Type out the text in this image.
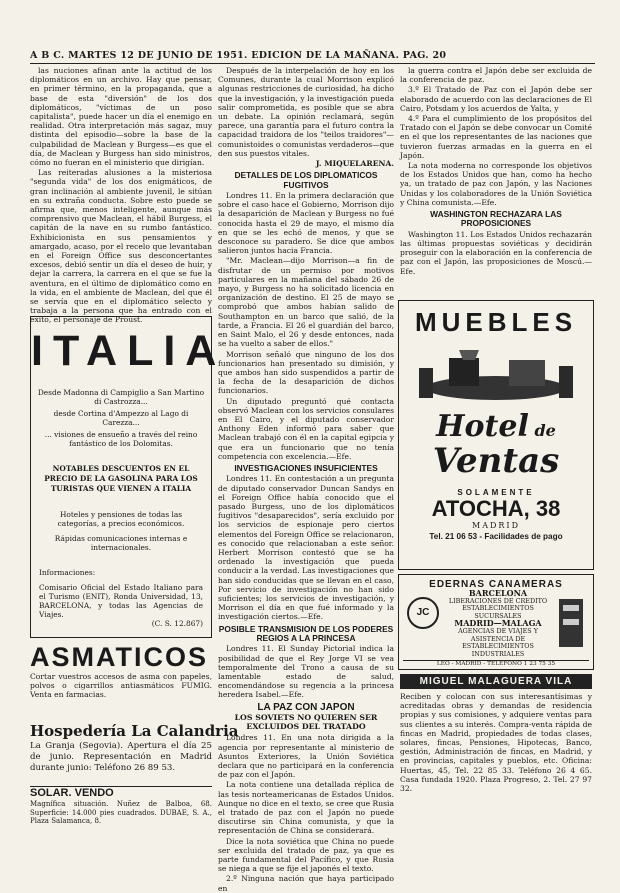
A B C. MARTES 12 DE JUNIO DE 1951. EDICION DE LA MAÑANA. PAG. 20

las nuciones afinan ante la actitud de los diplomáticos en un archivo. Hay que pensar, en primer término, en la propaganda, que a base de esta "diversión" de los dos diplomáticos, "víctimas de un poso capitalista", puede hacer un día el enemigo en realidad. Otra interpretación más sagaz, muy distinta del episodio—sobre la base de la culpabilidad de Maclean y Burgess—es que el día, de Maclean y Burgess han sido ministros, cómo no fueran en el ministerio que dirigían.

Las reiteradas alusiones a la misteriosa "segunda vida" de los dos enigmáticos, de gran inclinación al ambiente juvenil, le sitúan en su extraña conducta. Sobre esto puede se afirma que, menos inteligente, aunque más comprensivo que Maclean, el hábil Burgess, el capitán de la nave en su rumbo fantástico. Exhibicionista en sus pensamientos y amargado, acaso, por el recelo que levantaban en el Foreign Office sus desconcertantes excesos, debió sentir un día el deseo de huir, y dejar la carrera, la carrera en el que se fue la aventura, en el último de diplomático como en la vida, en el ambiente de Maclean, del que él se servía que en el diplomático selecto y trabaja a la persona que ha entrado con el exito, el personaje de Proust.

ITALIA
Desde Madonna di Campiglio a San Martino di Castrozza...
desde Cortina d'Ampezzo al Lago di Carezza...
... visiones de ensueño a través del reino fantástico de los Dolomitas.
NOTABLES DESCUENTOS EN EL PRECIO DE LA GASOLINA PARA LOS TURISTAS QUE VIENEN A ITALIA
Hoteles y pensiones de todas las categorías, a precios económicos.
Rápidas comunicaciones internas e internacionales.
Informaciones:
Comisario Oficial del Estado Italiano para el Turismo (ENIT), Ronda Universidad, 13, BARCELONA, y todas las Agencias de Viajes.
(C. S. 12.867)
ASMATICOS
Cortar vuestros accesos de asma con papeles, polvos o cigarrillos antiasmáticos FUMIG. Venta en farmacias.
Hospedería La Calandria
La Granja (Segovia). Apertura el día 25 de junio. Representación en Madrid durante junio: Teléfono 26 89 53.
SOLAR. VENDO
Magnífica situación. Nuñez de Balboa, 68. Superficie: 14.000 pies cuadrados. DUBAE, S. A., Plaza Salamanca, 8.

Después de la interpelación de hoy en los Comunes, durante la cual Morrison explicó algunas restricciones de curiosidad, ha dicho que la investigación, y la investigación pueda salir comprometida, es posible que se abra un debate. La opinión reclamará, según parece, una garantía para el futuro contra la capacidad traidora de los "teilos traidores"—comunistoides o comunistas verdaderos—que den sus puestos vitales.

J. MIQUELARENA.
DETALLES DE LOS DIPLOMATICOS FUGITIVOS

Londres 11. En la primera declaración que sobre el caso hace el Gobierno, Morrison dijo la desaparición de Maclean y Burgess no fué conocida hasta el 29 de mayo, el mismo día en que se les echó de menos, y que se desconoce su paradero. Se dice que ambos salieron juntos hacia Francia.

"Mr. Maclean—dijo Morrison—a fin de disfrutar de un permiso por motivos particulares en la mañana del sábado 26 de mayo, y Burgess no ha solicitado licencia en organización de destino. El 25 de mayo se comprobó que ambos habían salido de Southampton en un barco que salió, de la tarde, a Francia. El 26 el guardián del barco, en Saint Malo, el 26 y desde entonces, nada se ha vuelto a saber de ellos."

Morrison señaló que ninguno de los dos funcionarios han presentado su dimisión, y que ambos han sido suspendidos a partir de la fecha de la desaparición de dichos funcionarios.

Un diputado preguntó qué contacta observó Maclean con los servicios consulares en El Cairo, y el diputado conservador Anthony Eden informó para saber que Maclean trabajó con él en la capital egipcia y que era un funcionario que no tenía competencia con excelencia.—Efe.

INVESTIGACIONES INSUFICIENTES

Londres 11. En contestación a un pregunta de diputado conservador Duncan Sandys en el Foreign Office había conocido que el pasado Burgess, uno de los diplomáticos fugitivos "desaparecidos", sería excluido por los servicios de espionaje pero ciertos elementos del Foreign Office se relacionaron, es conocido que relacionaban a este señor. Herbert Morrison contestó que se ha ordenado la investigación que pueda conducir a la verdad. Las investigaciones que han sido conducidas que se llevan en el caso, Por servicio de investigación no han sido suficientes; los servicios de investigación, y Morrison el día en que fué informado y la investigación ciertos.—Efe.

POSIBLE TRANSMISION DE LOS PODERES REGIOS A LA PRINCESA

Londres 11. El Sunday Pictorial indica la posibilidad de que el Rey Jorge VI se vea temporalmente del Trono a causa de su lamentable estado de salud, encomendándose su regencia a la princesa heredera Isabel.—Efe.

LA PAZ CON JAPON
LOS SOVIETS NO QUIEREN SER EXCLUIDOS DEL TRATADO

Londres 11. En una nota dirigida a la agencia por representante al ministerio de Asuntos Exteriores, la Unión Soviética declara que no participará en la conferencia de paz con el Japón.

La nota contiene una detallada réplica de las tesis norteamericanas de Estados Unidos. Aunque no dice en el texto, se cree que Rusia el tratado de paz con el Japón no puede discutirse sin China comunista, y que la representación de China se considerará.

Dice la nota soviética que China no puede ser excluida del tratado de paz, ya que es parte fundamental del Pacífico, y que Rusia se niega a que se fije el japonés el texto.

2.º Ninguna nación que haya participado en

la guerra contra el Japón debe ser excluida de la conferencia de paz.

3.º El Tratado de Paz con el Japón debe ser elaborado de acuerdo con las declaraciones de El Cairo, Potsdam y los acuerdos de Yalta, y

4.º Para el cumplimiento de los propósitos del Tratado con el Japón se debe convocar un Comité en el que los representantes de las naciones que tuvieron fuerzas armadas en la guerra en el Japón.

La nota moderna no corresponde los objetivos de los Estados Unidos que han, como ha hecho ya, un tratado de paz con Japón, y las Naciones Unidas y los colaboradores de la Unión Soviética y China comunista.—Efe.

WASHINGTON RECHAZARA LAS PROPOSICIONES

Washington 11. Los Estados Unidos rechazarán las últimas propuestas soviéticas y decidirán proseguir con la elaboración en la conferencia de paz con el Japón, las proposiciones de Moscú.—Efe.

MUEBLES
Hotel de
Ventas
SOLAMENTE
ATOCHA, 38
MADRID
Tel. 21 06 53 - Facilidades de pago
EDERNAS CANAMERAS
JC
BARCELONA
LIBERACIONES DE CREDITO
ESTABLECIMIENTOS
SUCURSALES
MADRID—MALAGA
AGENCIAS DE VIAJES Y ASISTENCIA DE
ESTABLECIMIENTOS INDUSTRIALES
LEO - MADRID - TELEFONO 1 23 75 35
MIGUEL MALAGUERA VILA
Reciben y colocan con sus interesantísimas y acreditadas obras y demandas de residencia propias y sus comisiones, y adquiere ventas para sus clientes a su interés. Compra-venta rápida de fincas en Madrid, propiedades de todas clases, solares, fincas, Pensiones, Hipotecas, Banco, gestión, Administración de fincas, en Madrid, y en provincias, capitales y pueblos, etc. Oficina: Huertas, 45, Tel. 22 85 33. Teléfono 26 4 65. Casa fundada 1920. Plaza Progreso, 2. Tel. 27 97 32.
